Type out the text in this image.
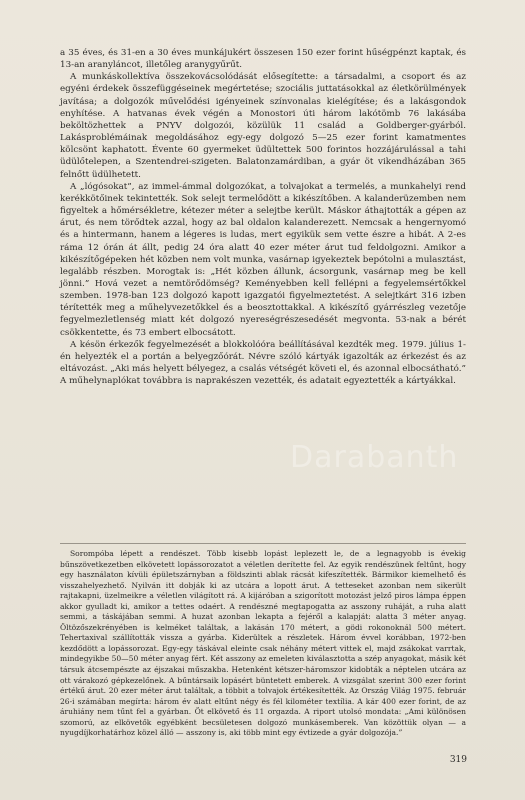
a 35 éves, és 31-en a 30 éves munkájukért összesen 150 ezer forint hűségpénzt kaptak, és 13-an aranyláncot, illetőleg aranygyűrűt.

A munkáskollektíva összekovácsolódását elősegítette: a társadalmi, a csoport és az egyéni érdekek összefüggéseinek megértetése; szociális juttatásokkal az életkörülmények javítása; a dolgozók művelődési igényeinek színvonalas kielégítése; és a lakásgondok enyhítése. A hatvanas évek végén a Monostori úti három lakótömb 76 lakásába beköltözhettek a PNYV dolgozói, közülük 11 család a Goldberger-gyárból. Lakásproblémáinak megoldásához egy-egy dolgozó 5—25 ezer forint kamatmentes kölcsönt kaphatott. Évente 60 gyermeket üdültettek 500 forintos hozzájárulással a tahi üdülőtelepen, a Szentendrei-szigeten. Balatonzamárdiban, a gyár öt vikendházában 365 felnőtt üdülhetett.

A „lógósokat”, az immel-ámmal dolgozókat, a tolvajokat a termelés, a munkahelyi rend kerékkötőinek tekintették. Sok selejt termelődött a kikészítőben. A kalanderüzemben nem figyeltek a hőmérsékletre, kétezer méter a selejtbe került. Máskor áthajtották a gépen az árut, és nem törődtek azzal, hogy az bal oldalon kalanderezett. Nemcsak a hengernyomó és a hintermann, hanem a légeres is ludas, mert egyikük sem vette észre a hibát. A 2-es rámа 12 órán át állt, pedig 24 óra alatt 40 ezer méter árut tud feldolgozni. Amikor a kikészítőgépeken hét közben nem volt munka, vasárnap igyekeztek bepótolni a mulasztást, legalább részben. Morogtak is: „Hét közben állunk, ácsorgunk, vasárnap meg be kell jönni.” Hová vezet a nemtörődömség? Keményebben kell fellépni a fegyelemsértőkkel szemben. 1978-ban 123 dolgozó kapott igazgatói figyelmeztetést. A selejtkárt 316 izben térítették meg a műhelyvezetőkkel és a beosztottakkal. A kikészítő gyárrészleg vezetője fegyelmezletlenség miatt két dolgozó nyereségrészesedését megvonta. 53-nak a bérét csökkentette, és 73 embert elbocsátott.

A késön érkezők fegyelmezését a blokkolóóra beállításával kezdték meg. 1979. július 1-én helyezték el a portán a belyegzőórát. Névre szóló kártyák igazolták az érkezést és az eltávozást. „Aki más helyett bélyegez, a csalás vétségét követi el, és azonnal elbocsátható.” A műhelynaplókat továbbra is naprakészen vezették, és adatait egyeztették a kártyákkal.

Sorompóba lépett a rendészet. Több kisebb lopást leplezett le, de a legnagyobb is évekig bűnszövetkezetben elkövetett lopássorozatot a véletlen derítette fel. Az egyik rendészünek feltűnt, hogy egy használaton kívüli épületszárnyban a földszinti ablak rácsát kifeszítették. Bármikor kiemelhető és visszahelyezhető. Nyilván itt dobják ki az utcára a lopott árut. A tetteseket azonban nem sikerült rajtakapni, üzelmeikre a véletlen világított rá. A kijáróban a szigorított motozást jelző piros lámpa éppen akkor gyulladt ki, amikor a tettes odaért. A rendészné megtapogatta az asszony ruháját, a ruha alatt semmi, a táskájában semmi. A huzat azonban lekapta a fejéről a kalapját: alatta 3 méter anyag. Öltözőszekrényében is kelméket találtak, a lakásán 170 métert, a gödi rokonoknál 500 métert. Tehertaxival szállították vissza a gyárba. Kiderültek a részletek. Három évvel korábban, 1972-ben kezdődött a lopássorozat. Egy-egy táskával eleinte csak néhány métert vittek el, majd zsákokat varrtak, mindegyikbe 50—50 méter anyag fért. Két asszony az emeleten kiválasztotta a szép anyagokat, másik két társuk átcsempészte az éjszakai műszakba. Hetenként kétszer-háromszor kidobták a néptelen utcára az ott várakozó gépkezelőnek. A bűntársaik lopásért büntetett emberek. A vizsgálat szerint 300 ezer forint értékű árut. 20 ezer méter árut találtak, a többit a tolvajok értékesítették. Az Ország Világ 1975. február 26-i számában megírta: három év alatt eltűnt négy és fél kilométer textília. A kár 400 ezer forint, de az áruhiány nem tűnt fel a gyárban. Öt elkövető és 11 orgazda. A riport utolsó mondata: „Ami különösen szomorú, az elkövetők egyébként becsületesen dolgozó munkásemberek. Van közöttük olyan — a nyugdíjkorhatárhoz közel álló — asszony is, aki több mint egy évtizede a gyár dolgozója.”

Darabanth
319
